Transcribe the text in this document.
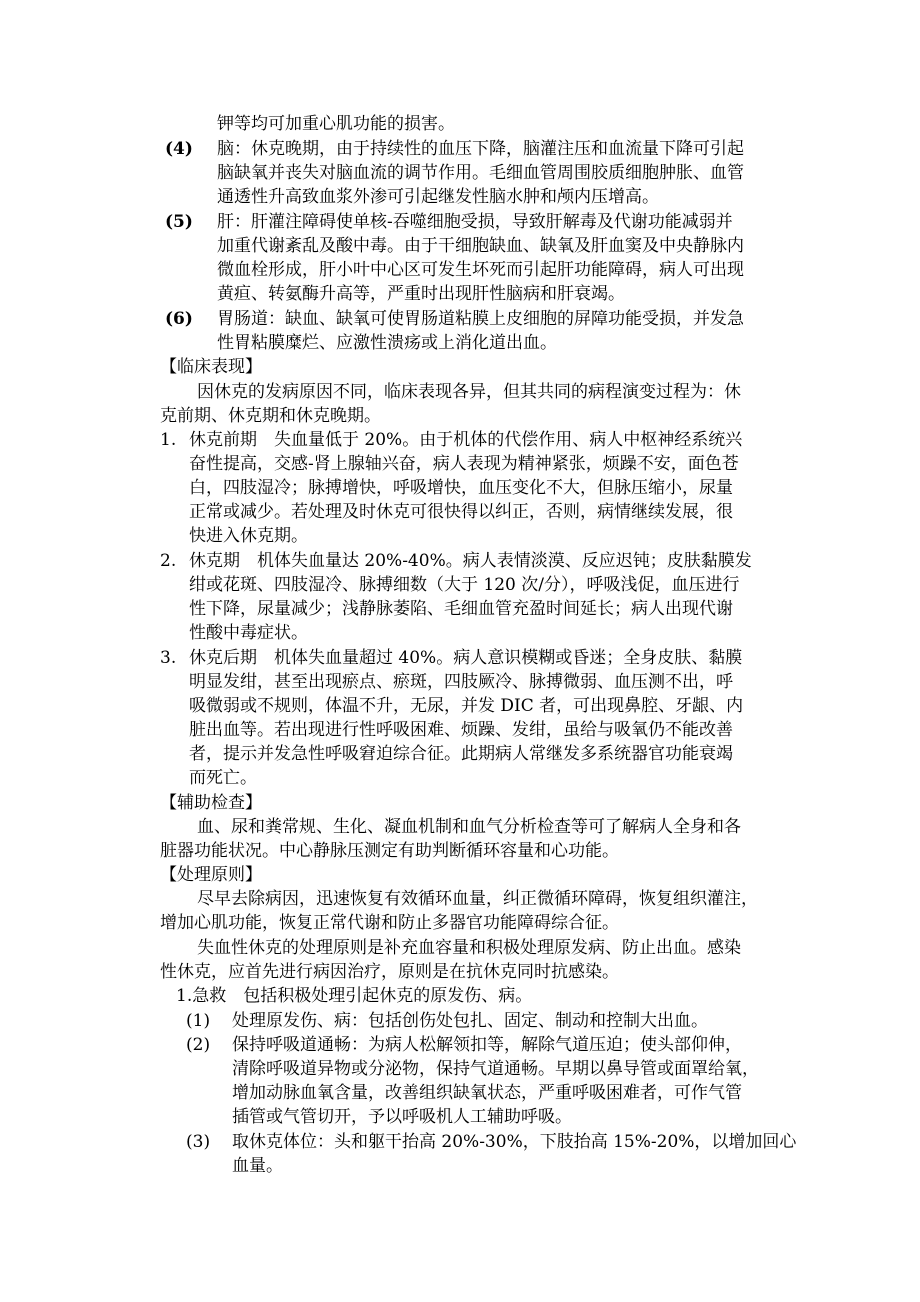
钾等均可加重心肌功能的损害。

(4) 脑：休克晚期，由于持续性的血压下降，脑灌注压和血流量下降可引起

脑缺氧并丧失对脑血流的调节作用。毛细血管周围胶质细胞肿胀、血管

通透性升高致血浆外渗可引起继发性脑水肿和颅内压增高。

(5) 肝：肝灌注障碍使单核-吞噬细胞受损，导致肝解毒及代谢功能减弱并

加重代谢紊乱及酸中毒。由于干细胞缺血、缺氧及肝血窦及中央静脉内

微血栓形成，肝小叶中心区可发生坏死而引起肝功能障碍，病人可出现

黄疸、转氨酶升高等，严重时出现肝性脑病和肝衰竭。

(6) 胃肠道：缺血、缺氧可使胃肠道粘膜上皮细胞的屏障功能受损，并发急

性胃粘膜糜烂、应激性溃疡或上消化道出血。

【临床表现】

因休克的发病原因不同，临床表现各异，但其共同的病程演变过程为：休

克前期、休克期和休克晚期。

1. 休克前期　失血量低于 20%。由于机体的代偿作用、病人中枢神经系统兴

奋性提高，交感-肾上腺轴兴奋，病人表现为精神紧张，烦躁不安，面色苍

白，四肢湿冷；脉搏增快，呼吸增快，血压变化不大，但脉压缩小，尿量

正常或减少。若处理及时休克可很快得以纠正，否则，病情继续发展，很

快进入休克期。

2. 休克期　机体失血量达 20%-40%。病人表情淡漠、反应迟钝；皮肤黏膜发

绀或花斑、四肢湿冷、脉搏细数（大于 120 次/分），呼吸浅促，血压进行

性下降，尿量减少；浅静脉萎陷、毛细血管充盈时间延长；病人出现代谢

性酸中毒症状。

3. 休克后期　机体失血量超过 40%。病人意识模糊或昏迷；全身皮肤、黏膜

明显发绀，甚至出现瘀点、瘀斑，四肢厥冷、脉搏微弱、血压测不出，呼

吸微弱或不规则，体温不升，无尿，并发 DIC 者，可出现鼻腔、牙龈、内

脏出血等。若出现进行性呼吸困难、烦躁、发绀，虽给与吸氧仍不能改善

者，提示并发急性呼吸窘迫综合征。此期病人常继发多系统器官功能衰竭

而死亡。

【辅助检查】

血、尿和粪常规、生化、凝血机制和血气分析检查等可了解病人全身和各

脏器功能状况。中心静脉压测定有助判断循环容量和心功能。

【处理原则】

尽早去除病因，迅速恢复有效循环血量，纠正微循环障碍，恢复组织灌注，

增加心肌功能，恢复正常代谢和防止多器官功能障碍综合征。

失血性休克的处理原则是补充血容量和积极处理原发病、防止出血。感染

性休克，应首先进行病因治疗，原则是在抗休克同时抗感染。

1.急救　包括积极处理引起休克的原发伤、病。

(1) 处理原发伤、病：包括创伤处包扎、固定、制动和控制大出血。

(2) 保持呼吸道通畅：为病人松解领扣等，解除气道压迫；使头部仰伸，

清除呼吸道异物或分泌物，保持气道通畅。早期以鼻导管或面罩给氧，

增加动脉血氧含量，改善组织缺氧状态，严重呼吸困难者，可作气管

插管或气管切开，予以呼吸机人工辅助呼吸。

(3) 取休克体位：头和躯干抬高 20%-30%，下肢抬高 15%-20%，以增加回心

血量。
